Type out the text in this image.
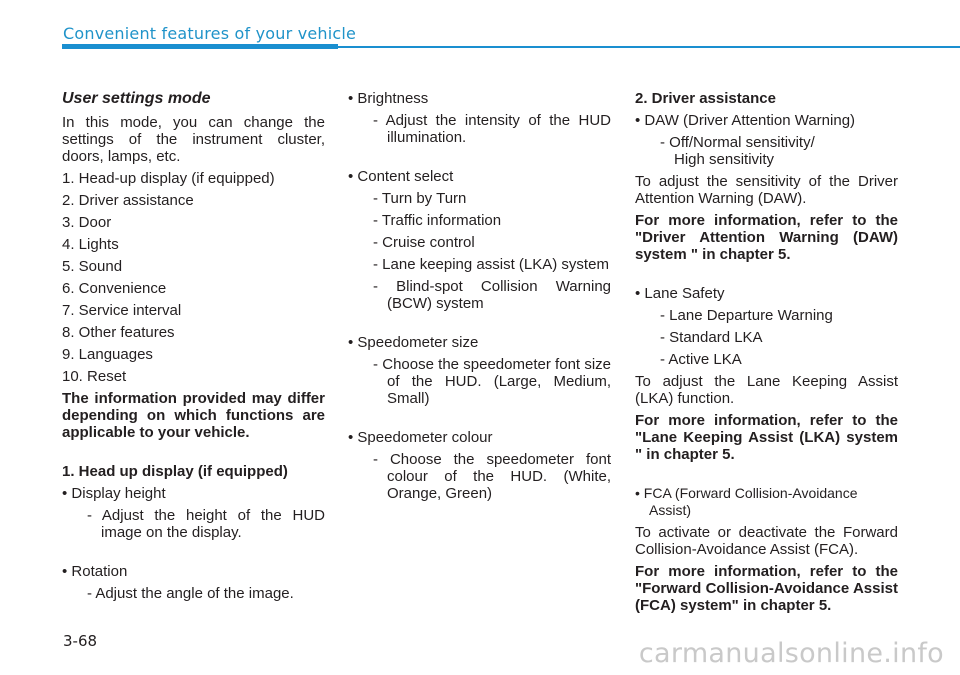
Convenient features of your vehicle

User settings mode

In this mode, you can change the settings of the instrument cluster, doors, lamps, etc.

1. Head-up display (if equipped)

2. Driver assistance

3. Door

4. Lights

5. Sound

6. Convenience

7. Service interval

8. Other features

9. Languages

10. Reset

The information provided may differ depending on which functions are applicable to your vehicle.

1. Head up display (if equipped)

• Display height

- Adjust the height of the HUD image on the display.

• Rotation

- Adjust the angle of the image.

• Brightness

- Adjust the intensity of the HUD illumination.

• Content select

- Turn by Turn

- Traffic information

- Cruise control

- Lane keeping assist (LKA) system

- Blind-spot Collision Warning (BCW) system

• Speedometer size

- Choose the speedometer font size of the HUD. (Large, Medium, Small)

• Speedometer colour

- Choose the speedometer font colour of the HUD. (White, Orange, Green)

2. Driver assistance

• DAW (Driver Attention Warning)

- Off/Normal sensitivity/

High sensitivity

To adjust the sensitivity of the Driver Attention Warning (DAW).

For more information, refer to the "Driver Attention Warning (DAW) system " in chapter 5.

• Lane Safety

- Lane Departure Warning

- Standard LKA

- Active LKA

To adjust the Lane Keeping Assist (LKA) function.

For more information, refer to the "Lane Keeping Assist (LKA) system " in chapter 5.

• FCA (Forward Collision-Avoidance Assist)

To activate or deactivate the Forward Collision-Avoidance Assist (FCA).

For more information, refer to the "Forward Collision-Avoidance Assist (FCA) system" in chapter 5.

3-68	carmanualsonline.info
